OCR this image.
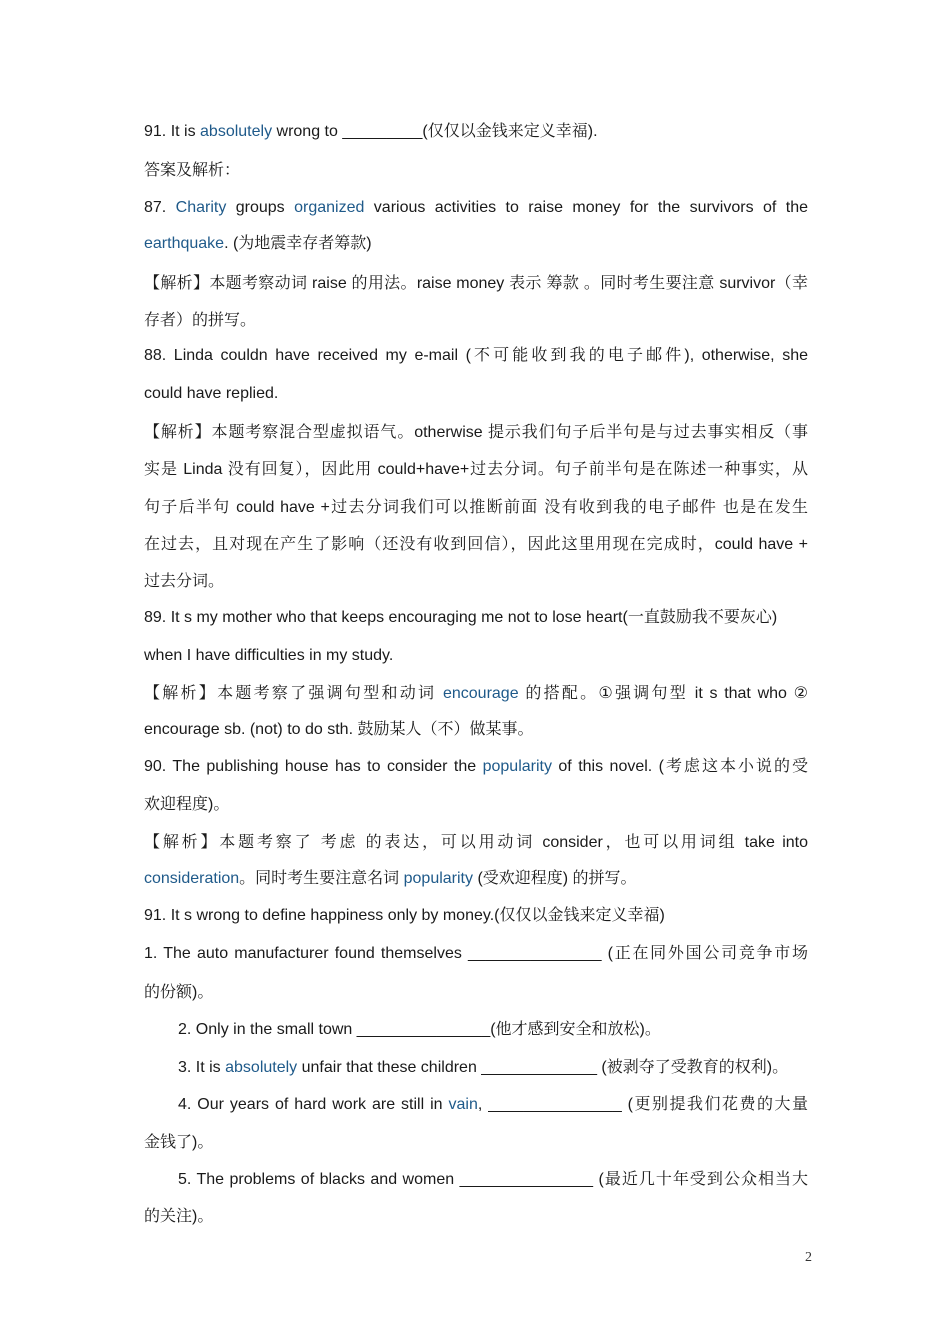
91. It is absolutely wrong to _________(仅仅以金钱来定义幸福).
答案及解析：
87. Charity groups organized various activities to raise money for the survivors of the
earthquake. (为地震幸存者筹款)
【解析】本题考察动词 raise 的用法。raise money 表示 筹款 。同时考生要注意 survivor（幸
存者）的拼写。
88. Linda couldn have received my e-mail (不可能收到我的电子邮件), otherwise, she
could have replied.
【解析】本题考察混合型虚拟语气。otherwise 提示我们句子后半句是与过去事实相反（事
实是 Linda 没有回复），因此用 could+have+过去分词。句子前半句是在陈述一种事实，从
句子后半句 could have +过去分词我们可以推断前面 没有收到我的电子邮件 也是在发生
在过去，且对现在产生了影响（还没有收到回信），因此这里用现在完成时，could have +
过去分词。
89. It s my mother who that keeps encouraging me not to lose heart(一直鼓励我不要灰心)
when I have difficulties in my study.
【解析】本题考察了强调句型和动词 encourage 的搭配。①强调句型 it s that who ②
encourage sb. (not) to do sth. 鼓励某人（不）做某事。
90. The publishing house has to consider the popularity of this novel. (考虑这本小说的受
欢迎程度)。
【解析】本题考察了 考虑 的表达，可以用动词 consider，也可以用词组 take into
consideration。同时考生要注意名词 popularity (受欢迎程度) 的拼写。
91. It s wrong to define happiness only by money.(仅仅以金钱来定义幸福)
1. The auto manufacturer found themselves _______________ (正在同外国公司竞争市场
的份额)。
2. Only in the small town _______________(他才感到安全和放松)。
3. It is absolutely unfair that these children _____________ (被剥夺了受教育的权利)。
4. Our years of hard work are still in vain, _______________ (更别提我们花费的大量
金钱了)。
5. The problems of blacks and women _______________ (最近几十年受到公众相当大
的关注)。
2
